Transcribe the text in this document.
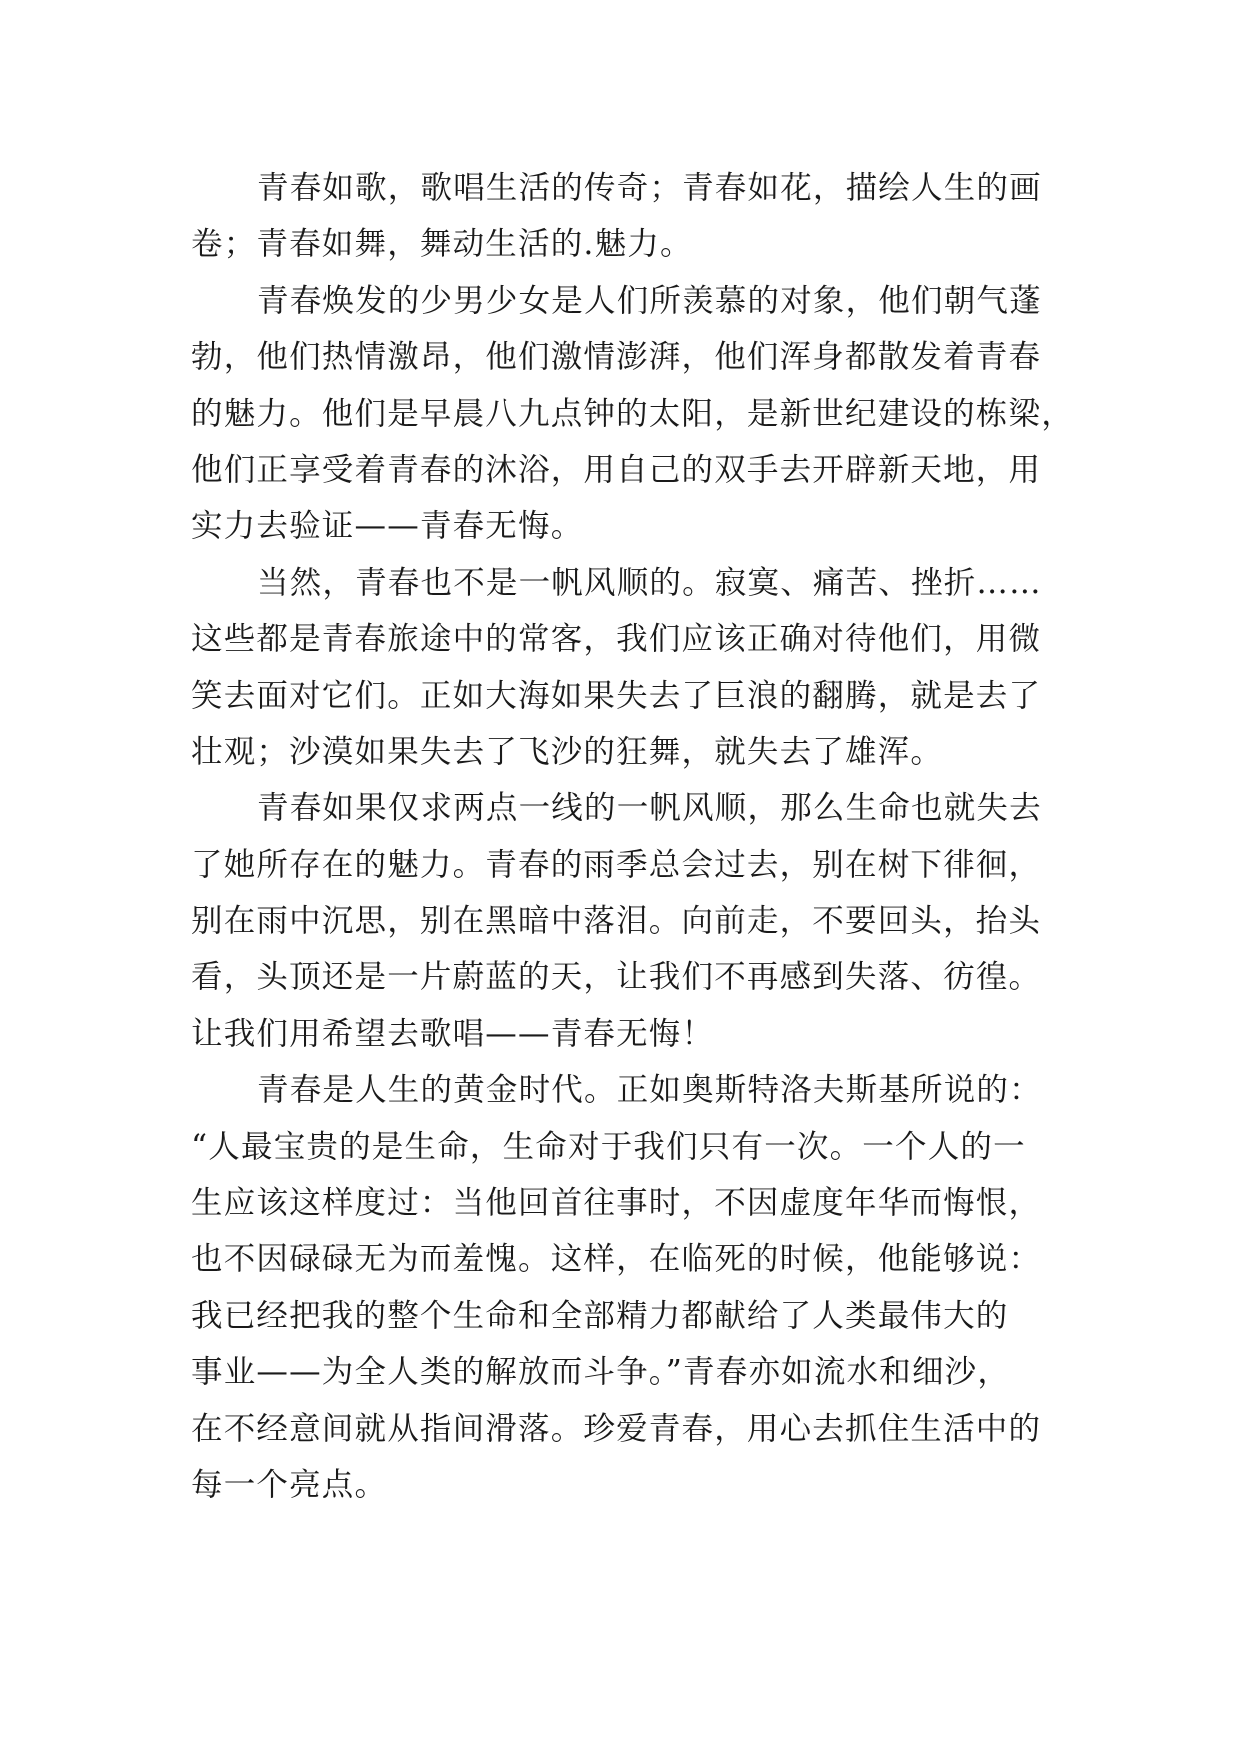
青春如歌，歌唱生活的传奇；青春如花，描绘人生的画
卷；青春如舞，舞动生活的.魅力。
青春焕发的少男少女是人们所羡慕的对象，他们朝气蓬
勃，他们热情激昂，他们激情澎湃，他们浑身都散发着青春
的魅力。他们是早晨八九点钟的太阳，是新世纪建设的栋梁，
他们正享受着青春的沐浴，用自己的双手去开辟新天地，用
实力去验证——青春无悔。
当然，青春也不是一帆风顺的。寂寞、痛苦、挫折……
这些都是青春旅途中的常客，我们应该正确对待他们，用微
笑去面对它们。正如大海如果失去了巨浪的翻腾，就是去了
壮观；沙漠如果失去了飞沙的狂舞，就失去了雄浑。
青春如果仅求两点一线的一帆风顺，那么生命也就失去
了她所存在的魅力。青春的雨季总会过去，别在树下徘徊，
别在雨中沉思，别在黑暗中落泪。向前走，不要回头，抬头
看，头顶还是一片蔚蓝的天，让我们不再感到失落、彷徨。
让我们用希望去歌唱——青春无悔！
青春是人生的黄金时代。正如奥斯特洛夫斯基所说的：
“人最宝贵的是生命，生命对于我们只有一次。一个人的一
生应该这样度过：当他回首往事时，不因虚度年华而悔恨，
也不因碌碌无为而羞愧。这样，在临死的时候，他能够说：
我已经把我的整个生命和全部精力都献给了人类最伟大的
事业——为全人类的解放而斗争。”青春亦如流水和细沙，
在不经意间就从指间滑落。珍爱青春，用心去抓住生活中的
每一个亮点。
